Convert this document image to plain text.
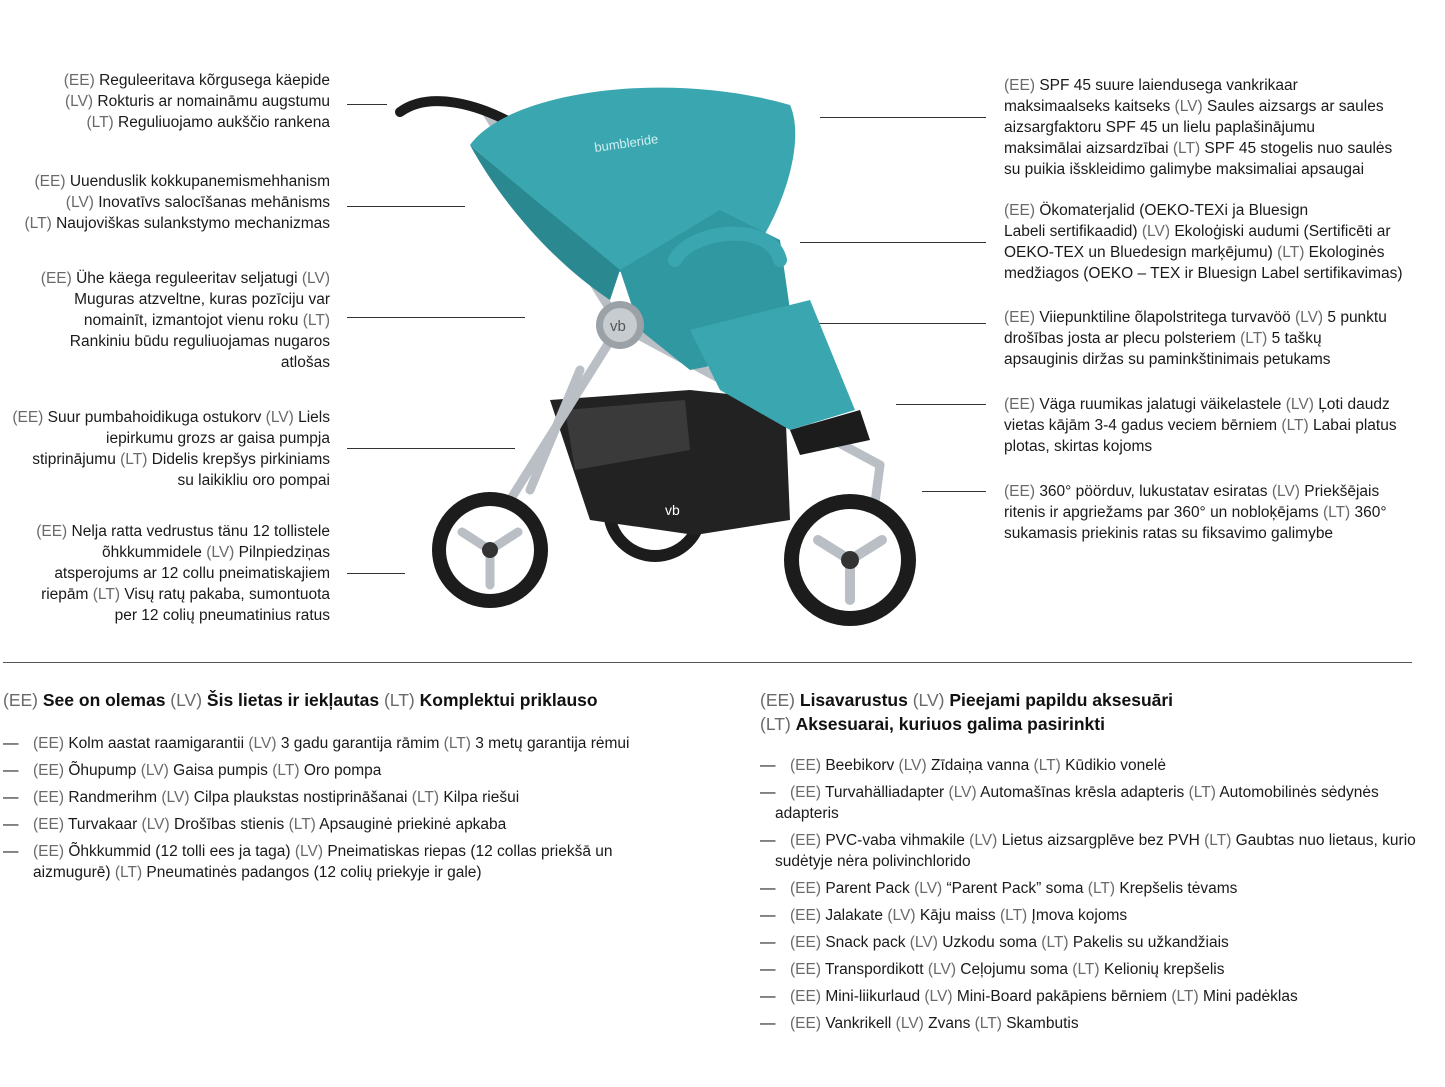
(EE) Reguleeritava kõrgusega käepide
(LV) Rokturis ar nomaināmu augstumu
(LT) Reguliuojamo aukščio rankena
(EE) Uuenduslik kokkupanemismehhanism
(LV) Inovatīvs salocīšanas mehānisms
(LT) Naujoviškas sulankstymo mechanizmas
(EE) Ühe käega reguleeritav seljatugi (LV)
Muguras atzveltne, kuras pozīciju var
nomainīt, izmantojot vienu roku (LT)
Rankiniu būdu reguliuojamas nugaros
atlošas
(EE) Suur pumbahoidikuga ostukorv (LV) Liels
iepirkumu grozs ar gaisa pumpja
stiprinājumu (LT) Didelis krepšys pirkiniams
su laikikliu oro pompai
(EE) Nelja ratta vedrustus tänu 12 tollistele
õhkkummidele (LV) Pilnpiedziņas
atsperojums ar 12 collu pneimatiskajiem
riepām (LT) Visų ratų pakaba, sumontuota
per 12 colių pneumatinius ratus
(EE) SPF 45 suure laiendusega vankrikaar
maksimaalseks kaitseks (LV) Saules aizsargs ar saules
aizsargfaktoru SPF 45 un lielu paplašinājumu
maksimālai aizsardzībai (LT) SPF 45 stogelis nuo saulės
su puikia išskleidimo galimybe maksimaliai apsaugai
(EE) Ökomaterjalid (OEKO-TEXi ja Bluesign
Labeli sertifikaadid) (LV) Ekoloģiski audumi (Sertificēti ar
OEKO-TEX un Bluedesign marķējumu) (LT) Ekologinės
medžiagos (OEKO – TEX ir Bluesign Label sertifikavimas)
(EE) Viiepunktiline õlapolstritega turvavöö (LV) 5 punktu
drošības josta ar plecu polsteriem (LT) 5 taškų
apsauginis diržas su paminkštinimais petukams
(EE) Väga ruumikas jalatugi väikelastele (LV) Ļoti daudz
vietas kājām 3-4 gadus veciem bērniem (LT) Labai platus
plotas, skirtas kojoms
(EE) 360° pöörduv, lukustatav esiratas (LV) Priekšējais
ritenis ir apgriežams par 360° un nobloķējams (LT) 360°
sukamasis priekinis ratas su fiksavimo galimybe
vb
bumbleride
vb
(EE) See on olemas (LV) Šis lietas ir iekļautas (LT) Komplektui priklauso
— (EE) Kolm aastat raamigarantii (LV) 3 gadu garantija rāmim (LT) 3 metų garantija rėmui
— (EE) Õhupump (LV) Gaisa pumpis (LT) Oro pompa
— (EE) Randmerihm (LV) Cilpa plaukstas nostiprināšanai (LT) Kilpa riešui
— (EE) Turvakaar (LV) Drošības stienis (LT) Apsauginė priekinė apkaba
— (EE) Õhkkummid (12 tolli ees ja taga) (LV) Pneimatiskas riepas (12 collas priekšā un aizmugurē) (LT) Pneumatinės padangos (12 colių priekyje ir gale)
(EE) Lisavarustus (LV) Pieejami papildu aksesuāri
(LT) Aksesuarai, kuriuos galima pasirinkti
— (EE) Beebikorv (LV) Zīdaiņa vanna (LT) Kūdikio vonelė
— (EE) Turvahälliadapter (LV) Automašīnas krēsla adapteris (LT) Automobilinės sėdynės adapteris
— (EE) PVC-vaba vihmakile (LV) Lietus aizsargplēve bez PVH (LT) Gaubtas nuo lietaus, kurio sudėtyje nėra polivinchlorido
— (EE) Parent Pack (LV) “Parent Pack” soma (LT) Krepšelis tėvams
— (EE) Jalakate (LV) Kāju maiss (LT) Įmova kojoms
— (EE) Snack pack (LV) Uzkodu soma (LT) Pakelis su užkandžiais
— (EE) Transpordikott (LV) Ceļojumu soma (LT) Kelionių krepšelis
— (EE) Mini-liikurlaud (LV) Mini-Board pakāpiens bērniem (LT) Mini padėklas
— (EE) Vankrikell (LV) Zvans (LT) Skambutis
